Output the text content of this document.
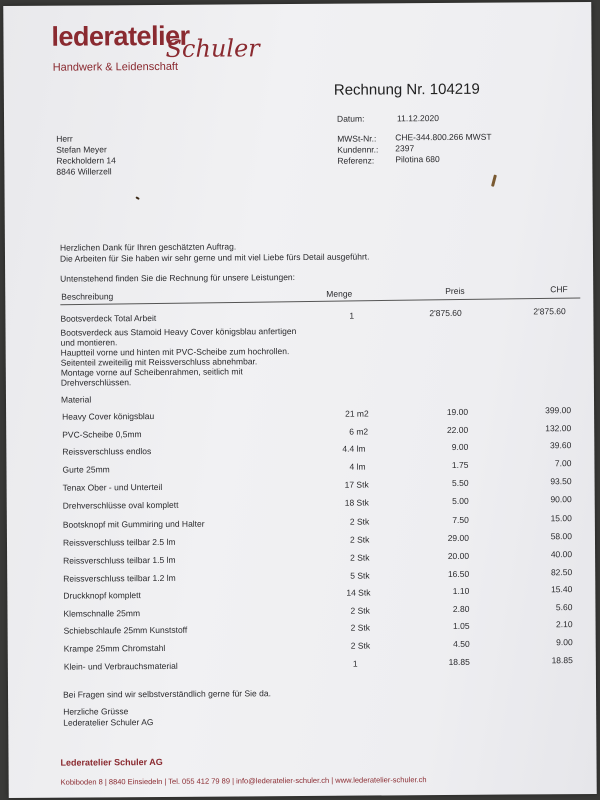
lederatelier
Schuler
Handwerk & Leidenschaft
Rechnung Nr. 104219
Datum:	11.12.2020
MWSt-Nr.: CHE-344.800.266 MWST
Kundennr.: 2397
Referenz: Pilotina 680
Herr
Stefan Meyer
Reckholdern 14
8846 Willerzell
Herzlichen Dank für Ihren geschätzten Auftrag.
Die Arbeiten für Sie haben wir sehr gerne und mit viel Liebe fürs Detail ausgeführt.
Untenstehend finden Sie die Rechnung für unsere Leistungen:
Beschreibung	Menge	Preis	CHF
Bootsverdeck Total Arbeit	1	2'875.60	2'875.60
Bootsverdeck aus Stamoid Heavy Cover königsblau anfertigen
und montieren.
Hauptteil vorne und hinten mit PVC-Scheibe zum hochrollen.
Seitenteil zweiteilig mit Reissverschluss abnehmbar.
Montage vorne auf Scheibenrahmen, seitlich mit
Drehverschlüssen.
Material
Heavy Cover königsblau	21 m2	19.00	399.00
PVC-Scheibe 0,5mm	6 m2	22.00	132.00
Reissverschluss endlos	4.4 lm	9.00	39.60
Gurte 25mm	4 lm	1.75	7.00
Tenax Ober - und Unterteil	17 Stk	5.50	93.50
Drehverschlüsse oval komplett	18 Stk	5.00	90.00
Bootsknopf mit Gummiring und Halter	2 Stk	7.50	15.00
Reissverschluss teilbar 2.5 lm	2 Stk	29.00	58.00
Reissverschluss teilbar 1.5 lm	2 Stk	20.00	40.00
Reissverschluss teilbar 1.2 lm	5 Stk	16.50	82.50
Druckknopf komplett	14 Stk	1.10	15.40
Klemschnalle 25mm	2 Stk	2.80	5.60
Schiebschlaufe 25mm Kunststoff	2 Stk	1.05	2.10
Krampe 25mm Chromstahl	2 Stk	4.50	9.00
Klein- und Verbrauchsmaterial	1	18.85	18.85
Bei Fragen sind wir selbstverständlich gerne für Sie da.
Herzliche Grüsse
Lederatelier Schuler AG
Lederatelier Schuler AG
Kobiboden 8 | 8840 Einsiedeln | Tel. 055 412 79 89 | info@lederatelier-schuler.ch | www.lederatelier-schuler.ch
